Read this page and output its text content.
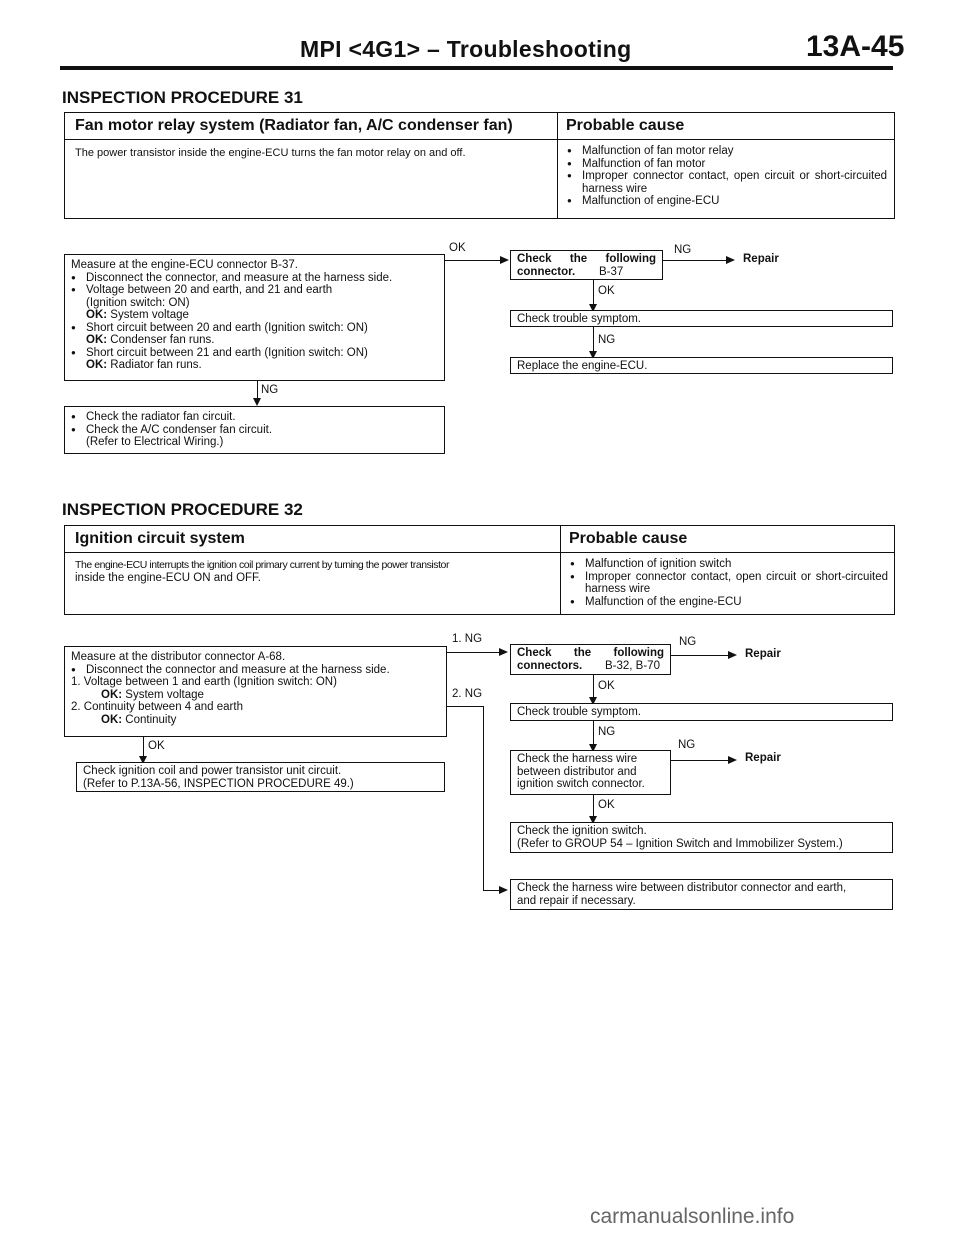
MPI <4G1> – Troubleshooting	13A-45
INSPECTION PROCEDURE 31
Fan motor relay system (Radiator fan, A/C condenser fan)	Probable cause
The power transistor inside the engine-ECU turns the fan motor relay on and off.

●	Malfunction of fan motor relay

● Malfunction of fan motor

● Improper connector contact, open circuit or short-circuited harness wire

● Malfunction of engine-ECU

Measure at the engine-ECU connector B-37.

● Disconnect the connector, and measure at the harness side.

● Voltage between 20 and earth, and 21 and earth

(Ignition switch: ON)

OK: System voltage

● Short circuit between 20 and earth (Ignition switch: ON)

OK: Condenser fan runs.

● Short circuit between 21 and earth (Ignition switch: ON)

OK: Radiator fan runs.

OK
NG

● Check the radiator fan circuit.

● Check the A/C condenser fan circuit.

(Refer to Electrical Wiring.)

Check the following connector.	B-37

NG
Repair
OK
Check trouble symptom.
NG
Replace the engine-ECU.
INSPECTION PROCEDURE 32
Ignition circuit system	Probable cause

The engine-ECU interrupts the ignition coil primary current by turning the power transistor

inside the engine-ECU ON and OFF.

● Malfunction of ignition switch

● Improper connector contact, open circuit or short-circuited harness wire

● Malfunction of the engine-ECU

Measure at the distributor connector A-68.

● Disconnect the connector and measure at the harness side.

1. Voltage between 1 and earth (Ignition switch: ON)

OK: System voltage

2. Continuity between 4 and earth

OK: Continuity

1. NG
2. NG
OK

Check ignition coil and power transistor unit circuit.

(Refer to P.13A-56, INSPECTION PROCEDURE 49.)

Check the following connectors.	B-32, B-70

NG
Repair
OK
Check trouble symptom.
NG

Check the harness wire

between distributor and

ignition switch connector.

NG
Repair
OK

Check the ignition switch.

(Refer to GROUP 54 – Ignition Switch and Immobilizer System.)

Check the harness wire between distributor connector and earth,

and repair if necessary.

carmanualsonline.info
